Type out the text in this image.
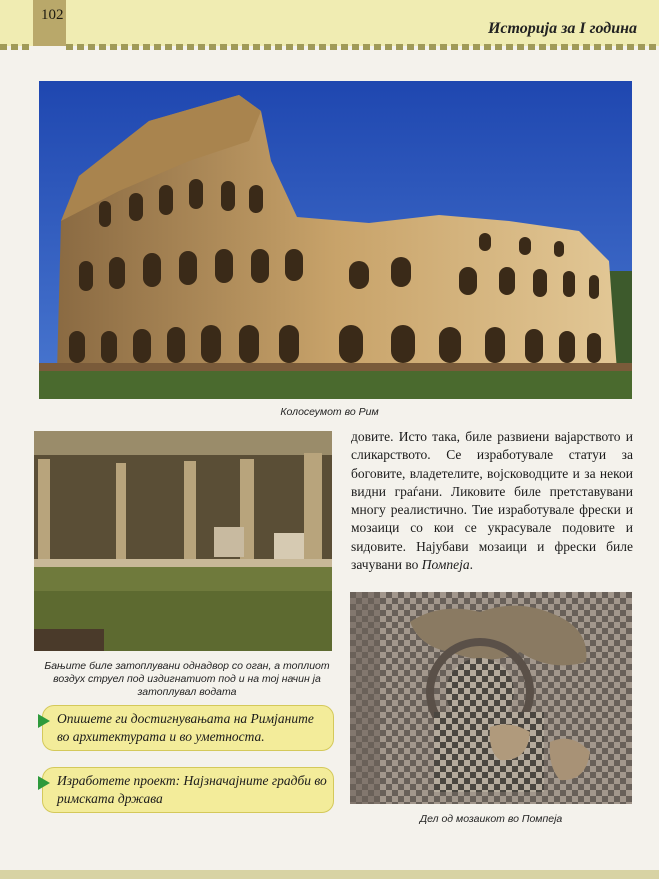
102
Историја за I година
Колосеумот во Рим
Бањите биле затоплувани однадвор со оган, а топлиот воздух струел под издигнатиот под и на тој начин ја затоплувал водата
довите. Исто така, биле развиени вајарството и сликарството. Се изработувале статуи за боговите, владетелите, војсководците и за некои видни граѓани. Ликовите биле претставувани многу реалистично. Тие изработувале фрески и мозаици со кои се украсувале подовите и ѕидовите. Најубави мозаици и фрески биле зачувани во Помпеја.
Дел од мозаикот во Помпеја
Опишете ги достигнувањата на Римјаните во архитектурата и во уметноста.
Изработете проект: Најзначајните градби во римската држава
